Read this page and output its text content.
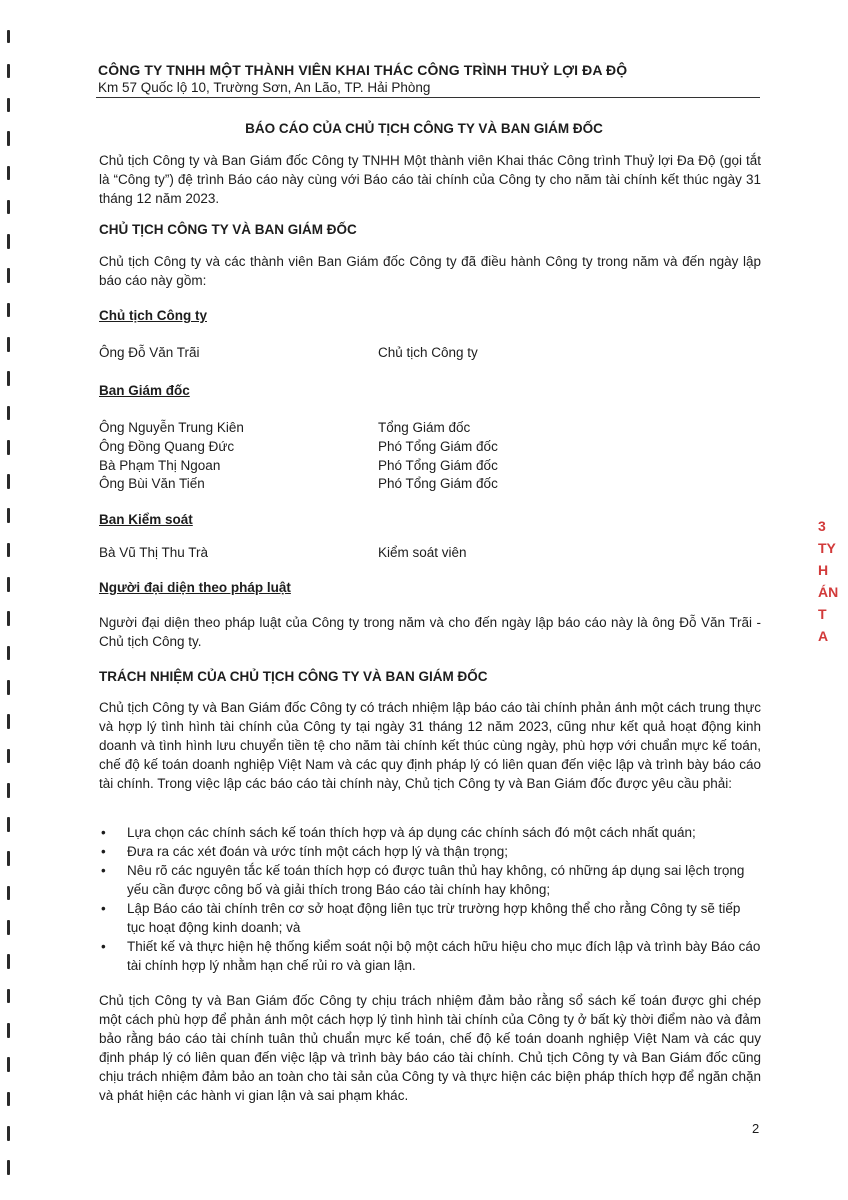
CÔNG TY TNHH MỘT THÀNH VIÊN KHAI THÁC CÔNG TRÌNH THUỶ LỢI ĐA ĐỘ
Km 57 Quốc lộ 10, Trường Sơn, An Lão, TP. Hải Phòng
BÁO CÁO CỦA CHỦ TỊCH CÔNG TY VÀ BAN GIÁM ĐỐC
Chủ tịch Công ty và Ban Giám đốc Công ty TNHH Một thành viên Khai thác Công trình Thuỷ lợi Đa Độ (gọi tắt là “Công ty”) đệ trình Báo cáo này cùng với Báo cáo tài chính của Công ty cho năm tài chính kết thúc ngày 31 tháng 12 năm 2023.
CHỦ TỊCH CÔNG TY VÀ BAN GIÁM ĐỐC
Chủ tịch Công ty và các thành viên Ban Giám đốc Công ty đã điều hành Công ty trong năm và đến ngày lập báo cáo này gồm:
Chủ tịch Công ty
Ông Đỗ Văn Trãi	Chủ tịch Công ty
Ban Giám đốc
Ông Nguyễn Trung Kiên	Tổng Giám đốc
Ông Đồng Quang Đức	Phó Tổng Giám đốc
Bà Phạm Thị Ngoan	Phó Tổng Giám đốc
Ông Bùi Văn Tiến	Phó Tổng Giám đốc
Ban Kiểm soát
Bà Vũ Thị Thu Trà	Kiểm soát viên
Người đại diện theo pháp luật
Người đại diện theo pháp luật của Công ty trong năm và cho đến ngày lập báo cáo này là ông Đỗ Văn Trãi - Chủ tịch Công ty.
TRÁCH NHIỆM CỦA CHỦ TỊCH CÔNG TY VÀ BAN GIÁM ĐỐC
Chủ tịch Công ty và Ban Giám đốc Công ty có trách nhiệm lập báo cáo tài chính phản ánh một cách trung thực và hợp lý tình hình tài chính của Công ty tại ngày 31 tháng 12 năm 2023, cũng như kết quả hoạt động kinh doanh và tình hình lưu chuyển tiền tệ cho năm tài chính kết thúc cùng ngày, phù hợp với chuẩn mực kế toán, chế độ kế toán doanh nghiệp Việt Nam và các quy định pháp lý có liên quan đến việc lập và trình bày báo cáo tài chính. Trong việc lập các báo cáo tài chính này, Chủ tịch Công ty và Ban Giám đốc được yêu cầu phải:
• Lựa chọn các chính sách kế toán thích hợp và áp dụng các chính sách đó một cách nhất quán;
• Đưa ra các xét đoán và ước tính một cách hợp lý và thận trọng;
• Nêu rõ các nguyên tắc kế toán thích hợp có được tuân thủ hay không, có những áp dụng sai lệch trọng yếu cần được công bố và giải thích trong Báo cáo tài chính hay không;
• Lập Báo cáo tài chính trên cơ sở hoạt động liên tục trừ trường hợp không thể cho rằng Công ty sẽ tiếp tục hoạt động kinh doanh; và
• Thiết kế và thực hiện hệ thống kiểm soát nội bộ một cách hữu hiệu cho mục đích lập và trình bày Báo cáo tài chính hợp lý nhằm hạn chế rủi ro và gian lận.
Chủ tịch Công ty và Ban Giám đốc Công ty chịu trách nhiệm đảm bảo rằng sổ sách kế toán được ghi chép một cách phù hợp để phản ánh một cách hợp lý tình hình tài chính của Công ty ở bất kỳ thời điểm nào và đảm bảo rằng báo cáo tài chính tuân thủ chuẩn mực kế toán, chế độ kế toán doanh nghiệp Việt Nam và các quy định pháp lý có liên quan đến việc lập và trình bày báo cáo tài chính. Chủ tịch Công ty và Ban Giám đốc cũng chịu trách nhiệm đảm bảo an toàn cho tài sản của Công ty và thực hiện các biện pháp thích hợp để ngăn chặn và phát hiện các hành vi gian lận và sai phạm khác.
2
3
TY
H
ÁN
T
A
